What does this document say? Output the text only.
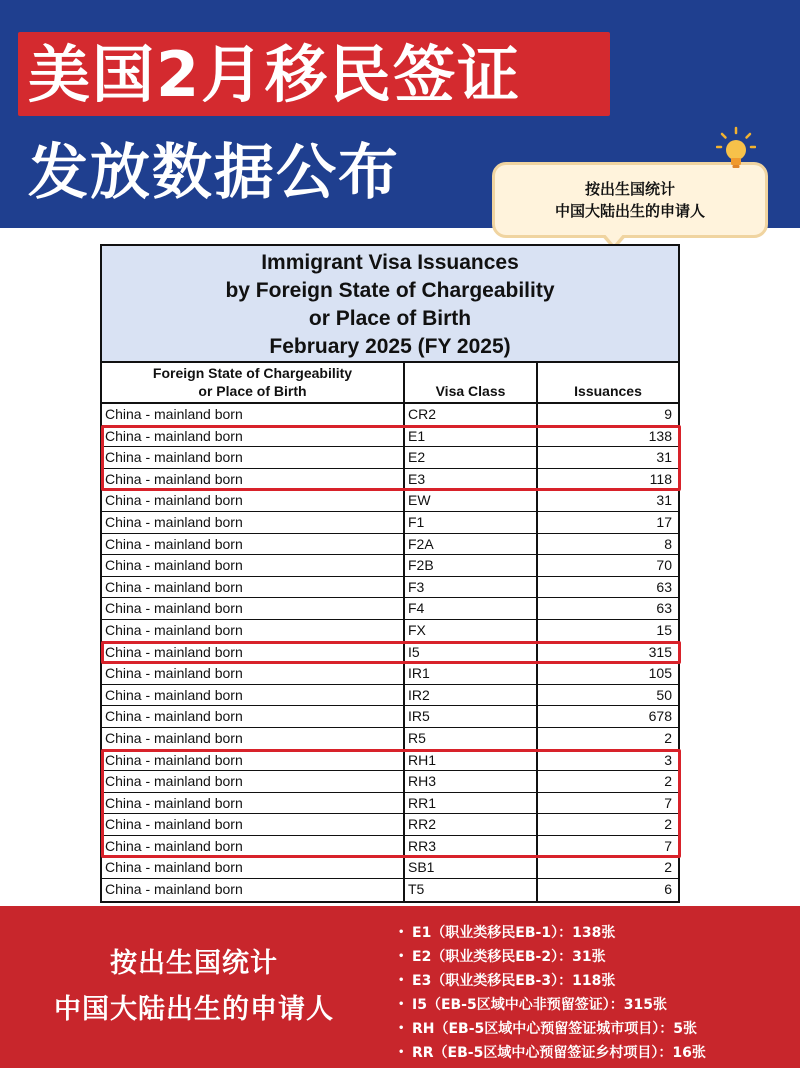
美国2月移民签证
发放数据公布	按出生国统计
中国大陆出生的申请人
Immigrant Visa Issuances
by Foreign State of Chargeability
or Place of Birth
February 2025 (FY 2025)
Foreign State of Chargeability
or Place of Birth	Visa Class	Issuances
China - mainland born	CR2	9
China - mainland born	E1	138
China - mainland born	E2	31
China - mainland born	E3	118
China - mainland born	EW	31
China - mainland born	F1	17
China - mainland born	F2A	8
China - mainland born	F2B	70
China - mainland born	F3	63
China - mainland born	F4	63
China - mainland born	FX	15
China - mainland born	I5	315
China - mainland born	IR1	105
China - mainland born	IR2	50
China - mainland born	IR5	678
China - mainland born	R5	2
China - mainland born	RH1	3
China - mainland born	RH3	2
China - mainland born	RR1	7
China - mainland born	RR2	2
China - mainland born	RR3	7
China - mainland born	SB1	2
China - mainland born	T5	6
按出生国统计
中国大陆出生的申请人
• E1（职业类移民EB-1）：138张
• E2（职业类移民EB-2）：31张
• E3（职业类移民EB-3）：118张
• I5（EB-5区域中心非预留签证）：315张
• RH（EB-5区域中心预留签证城市项目）：5张
• RR（EB-5区域中心预留签证乡村项目）：16张
